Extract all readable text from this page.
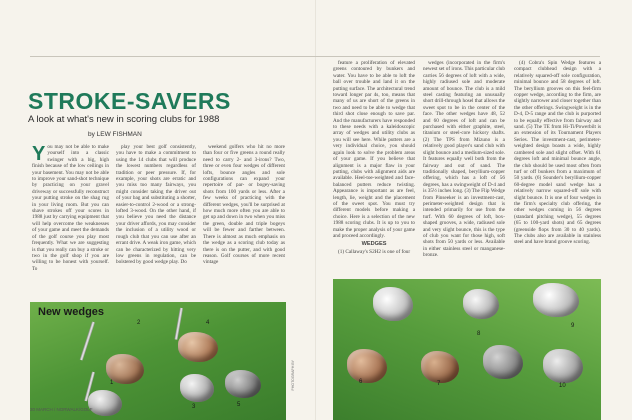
STROKE-SAVERS
A look at what's new in scoring clubs for 1988
by LEW FISHMAN
Y ou may not be able to make yourself into a classic swinger with a big, high finish because of the low ceilings in your basement. You may not be able to improve your sand-shot technique by practicing on your gravel driveway or successfully reconstruct your putting stroke on the shag rug in your living room. But you can shave strokes off your scores in 1988 just by carrying equipment that will help overcome the weaknesses of your game and meet the demands of the golf course you play most frequently. What we are suggesting is that you really can buy a stroke or two in the golf shop if you are willing to be honest with yourself. To

play your best golf consistently, you have to make a commitment to using the 14 clubs that will produce the lowest numbers regardless of tradition or peer pressure. If, for example, your shots are erratic and you miss too many fairways, you might consider taking the driver out of your bag and substituting a shorter, easier-to-control 2-wood or a strong-lofted 3-wood. On the other hand, if you believe you need the distance your driver affords, you may consider the inclusion of a utility wood or rough club that you can use after an errant drive. A weak iron game, which can be characterized by hitting very low greens in regulation, can be bolstered by good wedge play. Do

weekend golfers who hit no more than four or five greens a round really need to carry 2- and 3-irons? Two, three or even four wedges of different lofts, bounce angles and sole configurations can expand your repertoire of par- or bogey-saving shots from 100 yards or less. After a few weeks of practicing with the different wedges, you'll be surprised at how much more often you are able to get up and down in two when you miss the green, double and triple bogeys will be fewer and farther between. There is almost as much emphasis on the wedge as a scoring club today as there is on the putter, and with good reason. Golf courses of more recent vintage

feature a proliferation of elevated greens contoured by bunkers and water. You have to be able to loft the ball over trouble and land it on the putting surface. The architectural trend toward longer par 4s, too, means that many of us are short of the greens in two and need to be able to wedge that third shot close enough to save par. And the manufacturers have responded to these needs with a kaleidoscopic array of wedges and utility clubs as you will see here. While putters are a very individual choice, you should again look to solve the problem areas of your game. If you believe that alignment is a major flaw in your putting, clubs with alignment aids are available. Heel-toe-weighted and face-balanced putters reduce twisting. Appearance is important as are feel, length, lie, weight and the placement of the sweet spot. You must try different models before making a choice. Here is a selection of the new 1988 scoring clubs. It is up to you to make the proper analysis of your game and proceed accordingly.

WEDGES

(1) Callaway's S2H2 is one of four

wedges (incorporated in the firm's newest set of irons. This particular club carries 56 degrees of loft with a wide, highly radiused sole and moderate amount of bounce. The club is a mild steel casting featuring an unusually short drill-through hosel that allows the sweet spot to be in the center of the face. The other wedges have 48, 52 and 60 degrees of loft and can be purchased with either graphite, steel, titanium or steel-core hickory shafts. (2) The TPS from Mizuno is a relatively good player's sand club with slight bounce and a medium-sized sole. It features equally well both from the fairway and out of sand. The traditionally shaped, beryllium-copper offering, which has a loft of 56 degrees, has a swingweight of D-4 and is 35½ inches long. (3) The Flip Wedge from Pinseeker is an investment-cast, perimeter-weighted design that is intended primarily for use from the turf. With 60 degrees of loft, box-shaped grooves, a wide, radiused sole and very slight bounce, this is the type of club you want for those high, soft shots from 50 yards or less. Available in either stainless steel or manganese-bronze.

(4) Cobra's Spin Wedge features a compact clubhead design with a relatively squared-off sole configuration, minimal bounce and 58 degrees of loft. The beryllium grooves on this feel-firm copper wedge, according to the firm, are slightly narrower and closer together than the other offerings. Swingweight is in the D-4, D-5 range and the club is purported to be equally effective from fairway and sand. (5) The TE from Hi-Ti/Powerbilt is an extension of its Tournament Players Series. The investment-cast, perimeter-weighted design boasts a wide, highly cambered sole and slight offset. With 61 degrees loft and minimal bounce angle, the club should be used most often from turf or off bunkers from a maximum of 50 yards. (6) Sounder's beryllium-copper 60-degree model sand wedge has a relatively narrow squared-off sole with slight bounce. It is one of four wedges in the firm's specialty club offering, the other wedges coming in 56 degrees (standard pitching wedge), 55 degrees (65 to 100-yard shots) and 65 degrees (greenside flops from 30 to 40 yards). The clubs also are available in stainless steel and have brand groove scoring.

New wedges
2	4
1
3	5
6	7
8
9
10
PHOTOGRAPH BY
30 MARCH / NORWALK/GOLF
